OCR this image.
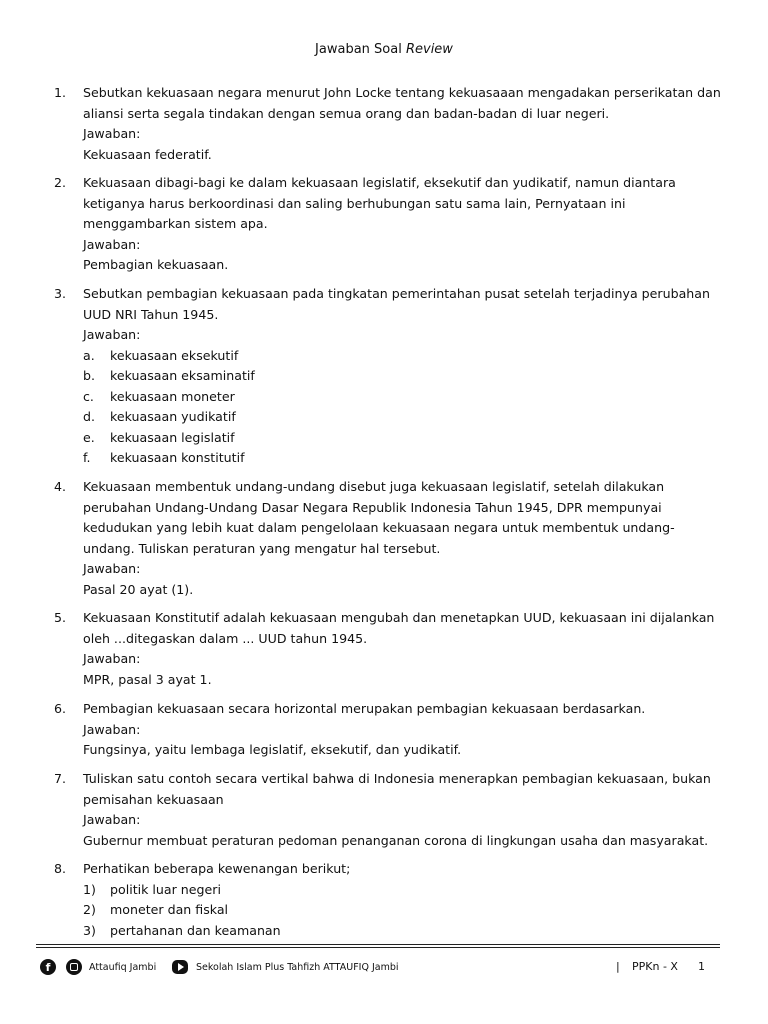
Jawaban Soal Review
1.	Sebutkan kekuasaan negara menurut John Locke tentang kekuasaaan mengadakan perserikatan dan
aliansi serta segala tindakan dengan semua orang dan badan-badan di luar negeri.
Jawaban:
Kekuasaan federatif.
2.	Kekuasaan dibagi-bagi ke dalam kekuasaan legislatif, eksekutif dan yudikatif, namun diantara
ketiganya harus berkoordinasi dan saling berhubungan satu sama lain, Pernyataan ini
menggambarkan sistem apa.
Jawaban:
Pembagian kekuasaan.
3.	Sebutkan pembagian kekuasaan pada tingkatan pemerintahan pusat setelah terjadinya perubahan
UUD NRI Tahun 1945.
Jawaban:
a.	kekuasaan eksekutif
b.	kekuasaan eksaminatif
c.	kekuasaan moneter
d.	kekuasaan yudikatif
e.	kekuasaan legislatif
f.	kekuasaan konstitutif
4.	Kekuasaan membentuk undang-undang disebut juga kekuasaan legislatif, setelah dilakukan
perubahan Undang-Undang Dasar Negara Republik Indonesia Tahun 1945, DPR mempunyai
kedudukan yang lebih kuat dalam pengelolaan kekuasaan negara untuk membentuk undang-
undang. Tuliskan peraturan yang mengatur hal tersebut.
Jawaban:
Pasal 20 ayat (1).
5.	Kekuasaan Konstitutif adalah kekuasaan mengubah dan menetapkan UUD, kekuasaan ini dijalankan
oleh ...ditegaskan dalam ... UUD tahun 1945.
Jawaban:
MPR, pasal 3 ayat 1.
6.	Pembagian kekuasaan secara horizontal merupakan pembagian kekuasaan berdasarkan.
Jawaban:
Fungsinya, yaitu lembaga legislatif, eksekutif, dan yudikatif.
7.	Tuliskan satu contoh secara vertikal bahwa di Indonesia menerapkan pembagian kekuasaan, bukan
pemisahan kekuasaan
Jawaban:
Gubernur membuat peraturan pedoman penanganan corona di lingkungan usaha dan masyarakat.
8.	Perhatikan beberapa kewenangan berikut;
1)	politik luar negeri
2)	moneter dan fiskal
3)	pertahanan dan keamanan
f	Attaufiq Jambi	Sekolah Islam Plus Tahfizh ATTAUFIQ Jambi	| PPKn - X 1
